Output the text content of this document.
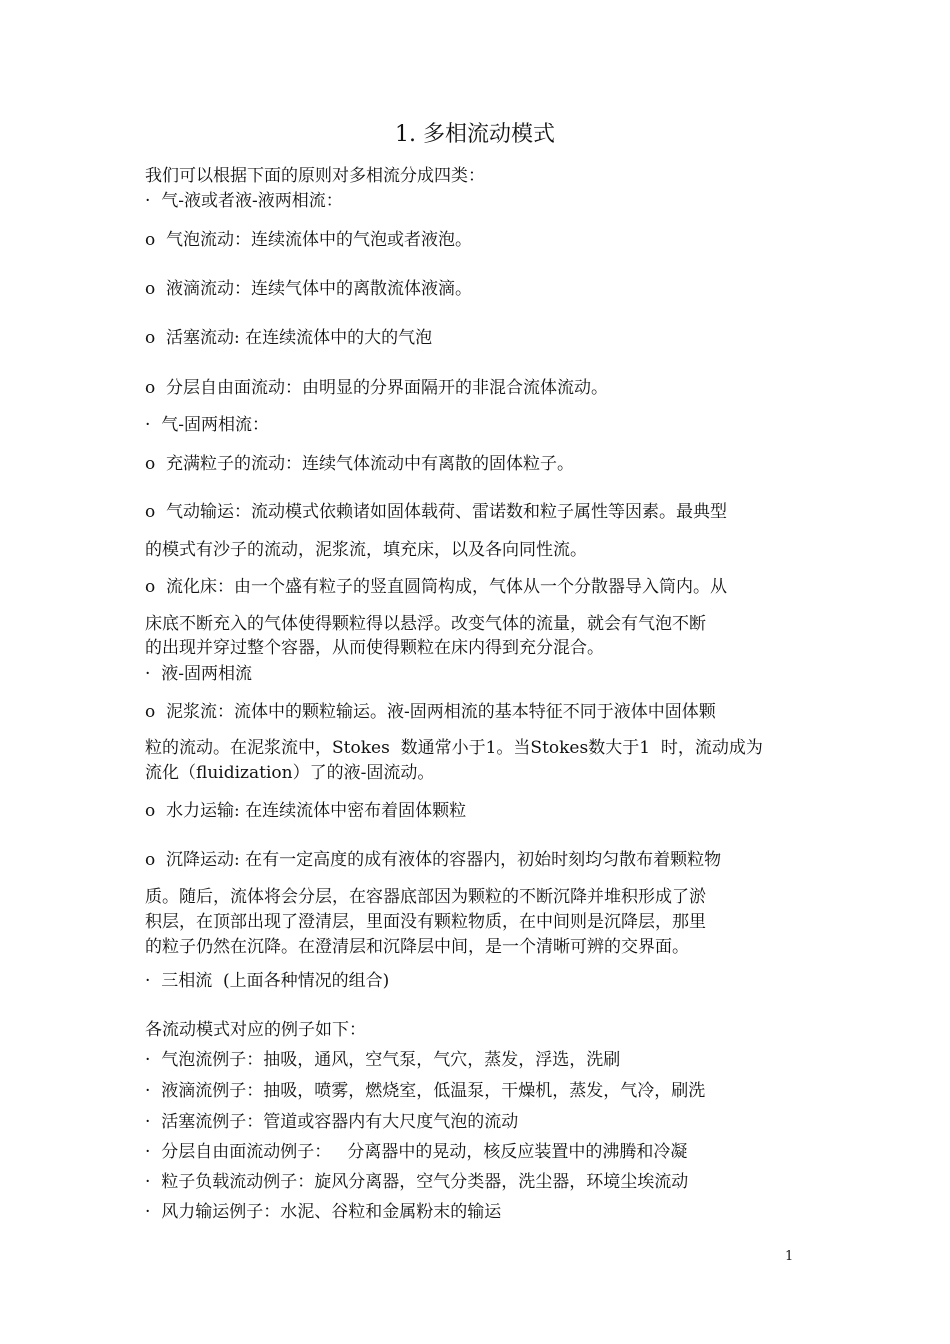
1. 多相流动模式
我们可以根据下面的原则对多相流分成四类：
·  气-液或者液-液两相流：
o  气泡流动：连续流体中的气泡或者液泡。
o  液滴流动：连续气体中的离散流体液滴。
o  活塞流动: 在连续流体中的大的气泡
o  分层自由面流动：由明显的分界面隔开的非混合流体流动。
·  气-固两相流：
o  充满粒子的流动：连续气体流动中有离散的固体粒子。
o  气动输运：流动模式依赖诸如固体载荷、雷诺数和粒子属性等因素。最典型
的模式有沙子的流动，泥浆流，填充床，以及各向同性流。
o  流化床：由一个盛有粒子的竖直圆筒构成，气体从一个分散器导入筒内。从
床底不断充入的气体使得颗粒得以悬浮。改变气体的流量，就会有气泡不断
的出现并穿过整个容器，从而使得颗粒在床内得到充分混合。
·  液-固两相流
o  泥浆流：流体中的颗粒输运。液-固两相流的基本特征不同于液体中固体颗
粒的流动。在泥浆流中，Stokes  数通常小于1。当Stokes数大于1  时，流动成为
流化（fluidization）了的液-固流动。
o  水力运输: 在连续流体中密布着固体颗粒
o  沉降运动: 在有一定高度的成有液体的容器内，初始时刻均匀散布着颗粒物
质。随后，流体将会分层，在容器底部因为颗粒的不断沉降并堆积形成了淤
积层，在顶部出现了澄清层，里面没有颗粒物质，在中间则是沉降层，那里
的粒子仍然在沉降。在澄清层和沉降层中间，是一个清晰可辨的交界面。
·  三相流  (上面各种情况的组合)
各流动模式对应的例子如下：
·  气泡流例子：抽吸，通风，空气泵，气穴，蒸发，浮选，洗刷
·  液滴流例子：抽吸，喷雾，燃烧室，低温泵，干燥机，蒸发，气冷，刷洗
·  活塞流例子：管道或容器内有大尺度气泡的流动
·  分层自由面流动例子：   分离器中的晃动，核反应装置中的沸腾和冷凝
·  粒子负载流动例子：旋风分离器，空气分类器，洗尘器，环境尘埃流动
·  风力输运例子：水泥、谷粒和金属粉末的输运
1
